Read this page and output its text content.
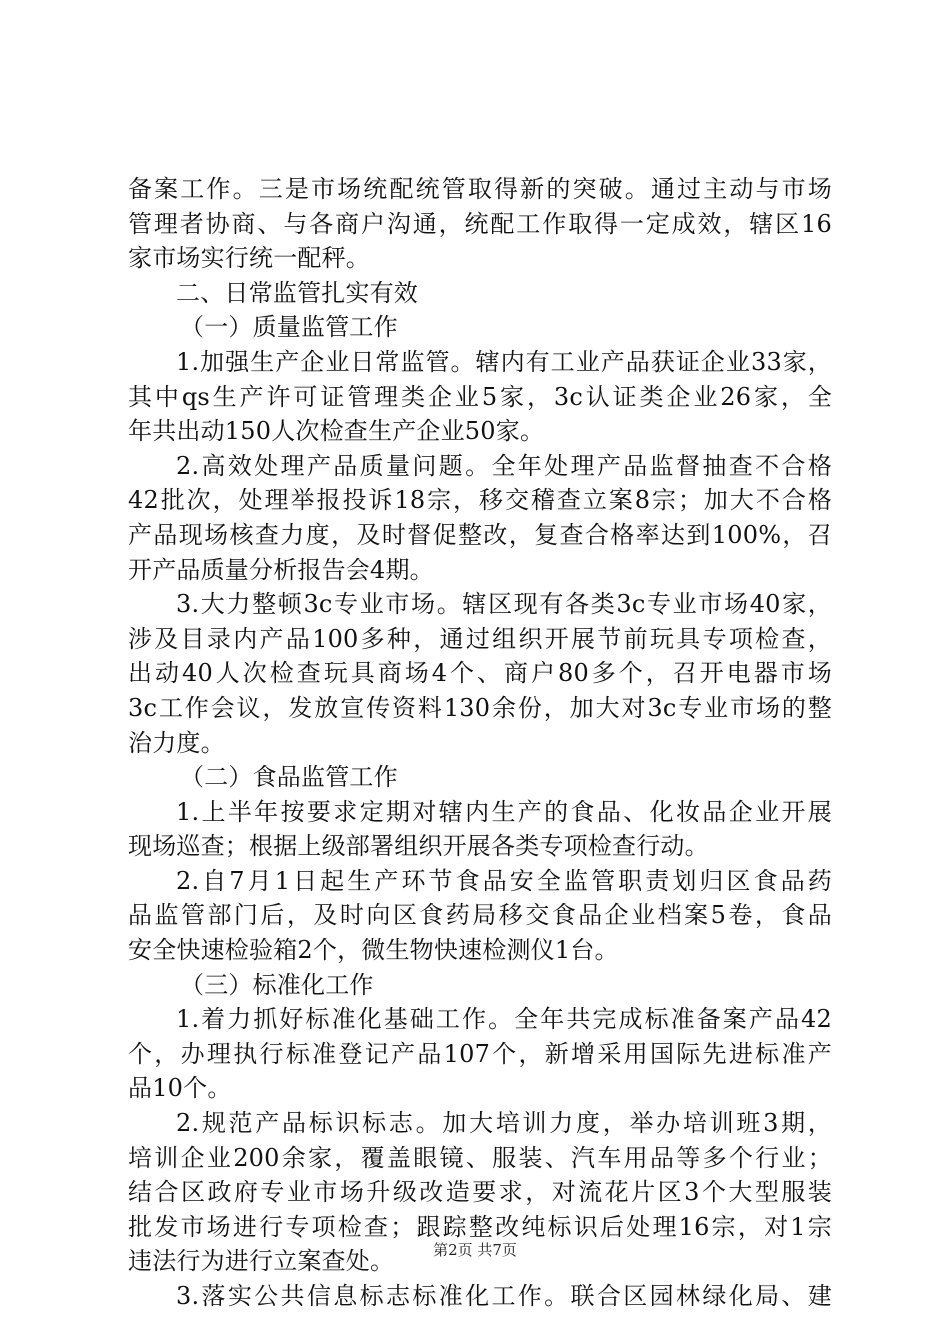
备案工作。三是市场统配统管取得新的突破。通过主动与市场
管理者协商、与各商户沟通，统配工作取得一定成效，辖区16
家市场实行统一配秤。
二、日常监管扎实有效
（一）质量监管工作
1.加强生产企业日常监管。辖内有工业产品获证企业33家，
其中qs生产许可证管理类企业5家，3c认证类企业26家，全
年共出动150人次检查生产企业50家。
2.高效处理产品质量问题。全年处理产品监督抽查不合格
42批次，处理举报投诉18宗，移交稽查立案8宗；加大不合格
产品现场核查力度，及时督促整改，复查合格率达到100%，召
开产品质量分析报告会4期。
3.大力整顿3c专业市场。辖区现有各类3c专业市场40家，
涉及目录内产品100多种，通过组织开展节前玩具专项检查，
出动40人次检查玩具商场4个、商户80多个，召开电器市场
3c工作会议，发放宣传资料130余份，加大对3c专业市场的整
治力度。
（二）食品监管工作
1.上半年按要求定期对辖内生产的食品、化妆品企业开展
现场巡查；根据上级部署组织开展各类专项检查行动。
2.自7月1日起生产环节食品安全监管职责划归区食品药
品监管部门后，及时向区食药局移交食品企业档案5卷，食品
安全快速检验箱2个，微生物快速检测仪1台。
（三）标准化工作
1.着力抓好标准化基础工作。全年共完成标准备案产品42
个，办理执行标准登记产品107个，新增采用国际先进标准产
品10个。
2.规范产品标识标志。加大培训力度，举办培训班3期，
培训企业200余家，覆盖眼镜、服装、汽车用品等多个行业；
结合区政府专业市场升级改造要求，对流花片区3个大型服装
批发市场进行专项检查；跟踪整改纯标识后处理16宗，对1宗
违法行为进行立案查处。
3.落实公共信息标志标准化工作。联合区园林绿化局、建
第2页 共7页
